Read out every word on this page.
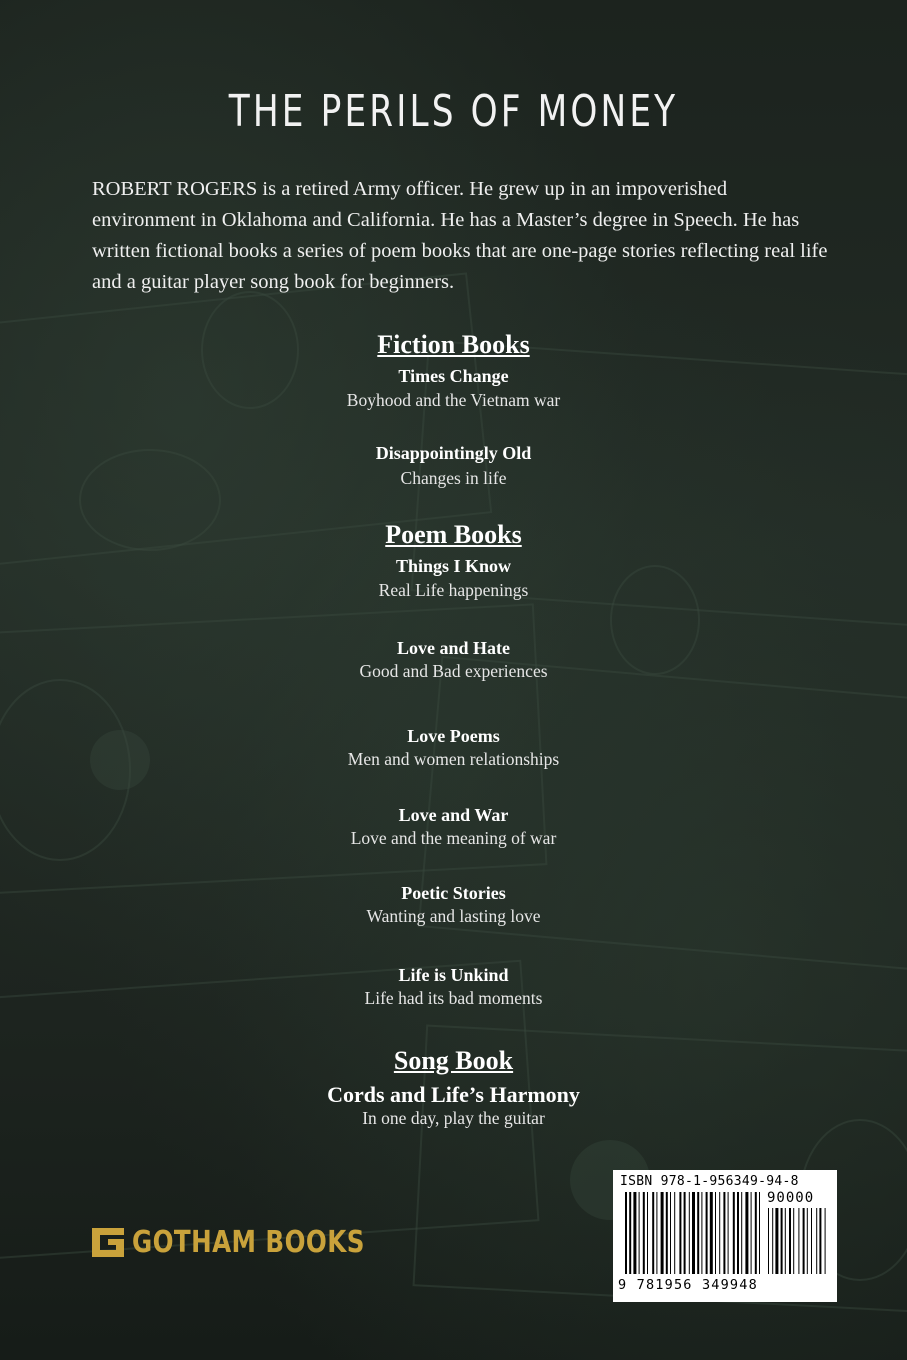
THE PERILS OF MONEY

ROBERT ROGERS is a retired Army officer. He grew up in an impoverished environment in Oklahoma and California. He has a Master’s degree in Speech. He has written fictional books a series of poem books that are one-page stories reflecting real life and a guitar player song book for beginners.

Fiction Books
Times Change
Boyhood and the Vietnam war
Disappointingly Old
Changes in life
Poem Books
Things I Know
Real Life happenings
Love and Hate
Good and Bad experiences
Love Poems
Men and women relationships
Love and War
Love and the meaning of war
Poetic Stories
Wanting and lasting love
Life is Unkind
Life had its bad moments
Song Book
Cords and Life’s Harmony
In one day, play the guitar
GOTHAM BOOKS
ISBN 978-1-956349-94-8
90000
9 781956 349948
